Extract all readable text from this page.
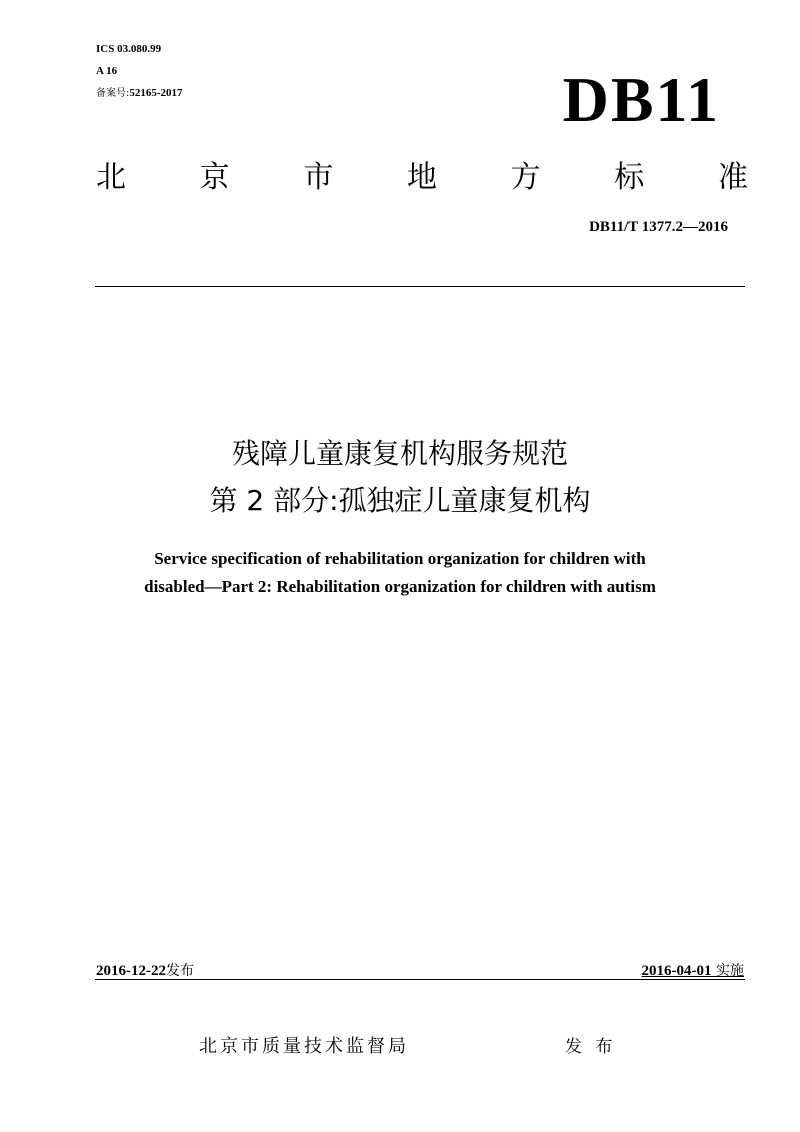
ICS 03.080.99
A 16
备案号:52165-2017	DB11
北 京 市 地 方 标 准
DB11/T 1377.2—2016
残障儿童康复机构服务规范
第 2 部分:孤独症儿童康复机构
Service specification of rehabilitation organization for children with
disabled—Part 2: Rehabilitation organization for children with autism
2016-12-22发布	2016-04-01 实施
北京市质量技术监督局	发 布
